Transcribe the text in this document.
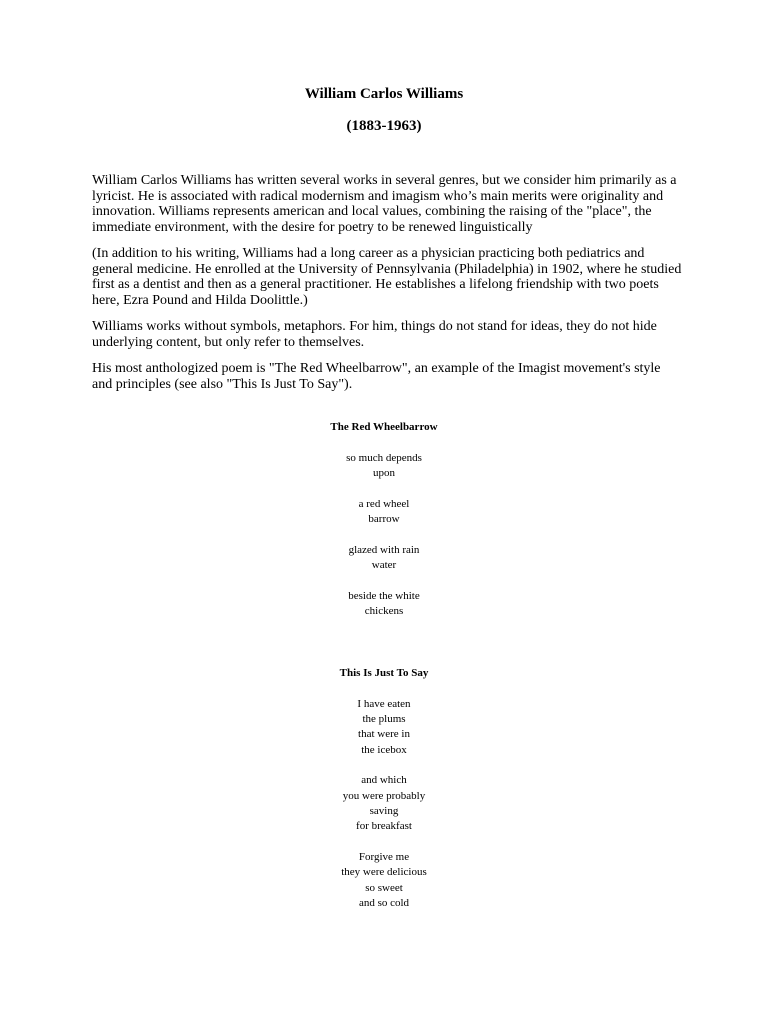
William Carlos Williams
(1883-1963)

William Carlos Williams has written several works in several genres, but we consider him primarily as a lyricist. He is associated with radical modernism and imagism who’s main merits were originality and innovation. Williams represents american and local values, combining the raising of the "place", the immediate environment, with the desire for poetry to be renewed linguistically

(In addition to his writing, Williams had a long career as a physician practicing both pediatrics and general medicine. He enrolled at the University of Pennsylvania (Philadelphia) in 1902, where he studied first as a dentist and then as a general practitioner. He establishes a lifelong friendship with two poets here, Ezra Pound and Hilda Doolittle.)

Williams works without symbols, metaphors. For him, things do not stand for ideas, they do not hide underlying content, but only refer to themselves.

His most anthologized poem is "The Red Wheelbarrow", an example of the Imagist movement's style and principles (see also "This Is Just To Say").

The Red Wheelbarrow
so much depends
upon
a red wheel
barrow
glazed with rain
water
beside the white
chickens
This Is Just To Say
I have eaten
the plums
that were in
the icebox
and which
you were probably
saving
for breakfast
Forgive me
they were delicious
so sweet
and so cold
